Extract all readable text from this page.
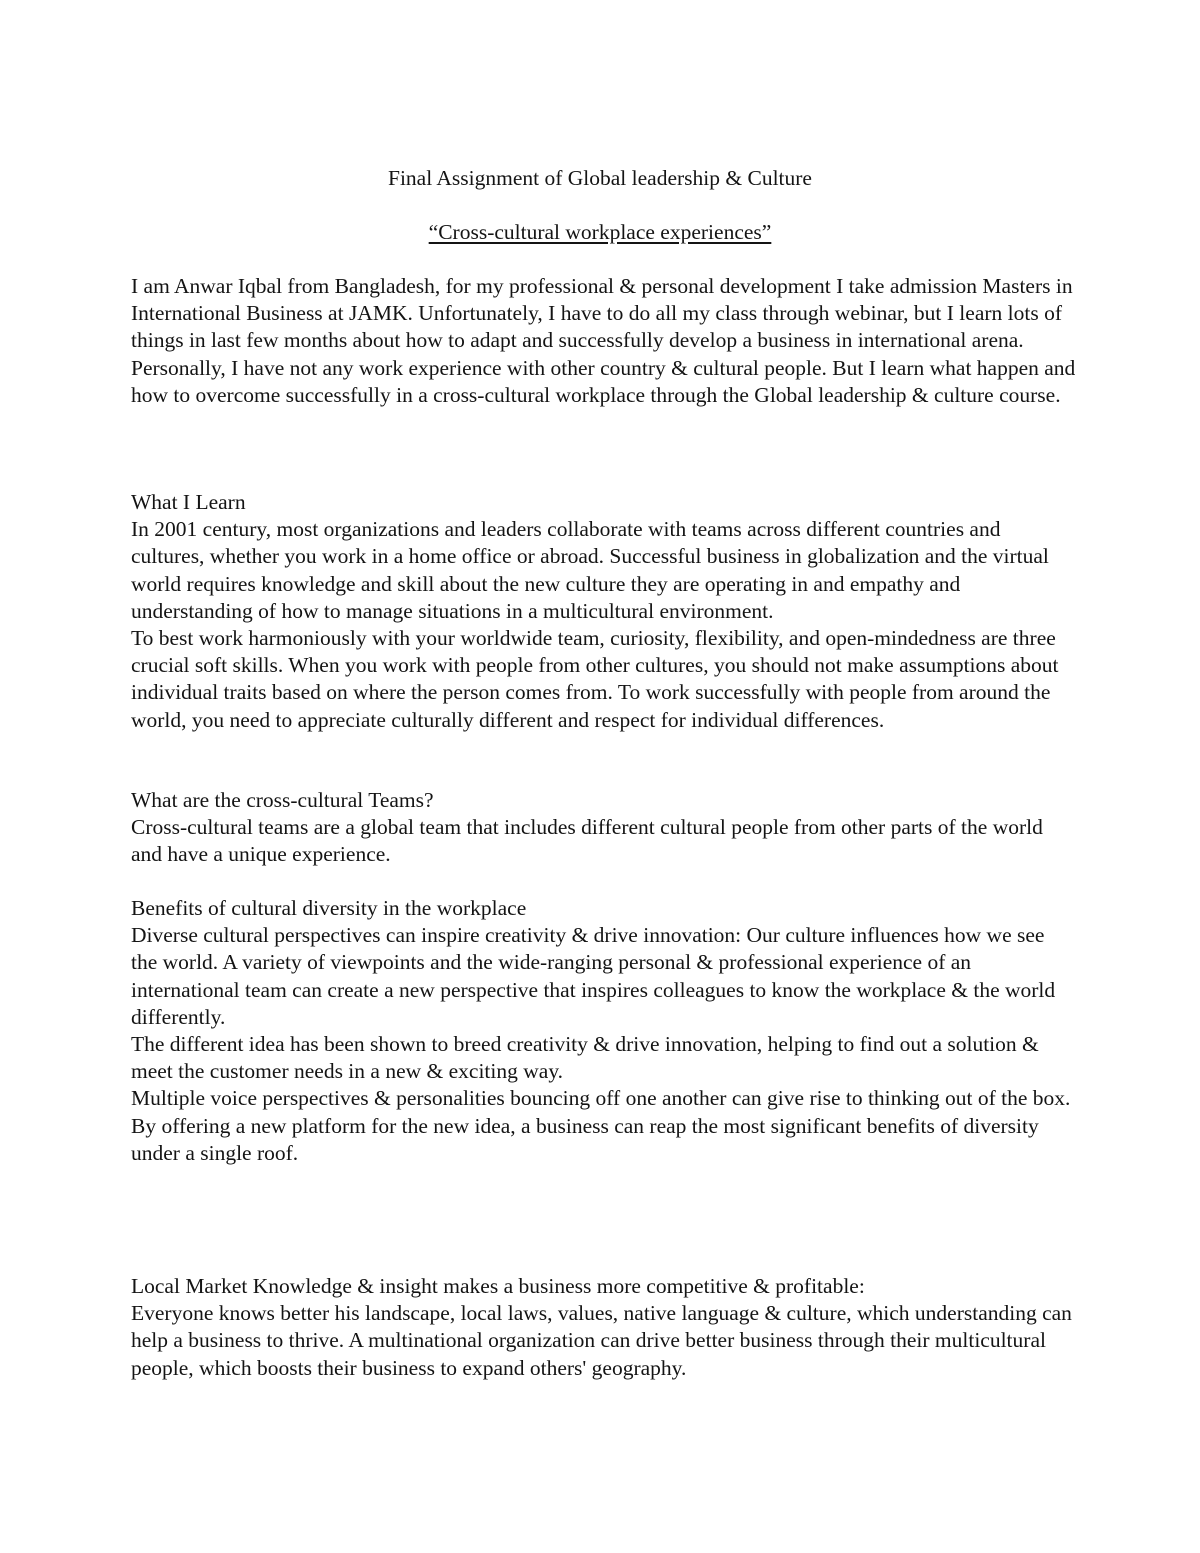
Final Assignment of Global leadership & Culture
“Cross-cultural workplace experiences”

I am Anwar Iqbal from Bangladesh, for my professional & personal development I take admission Masters in International Business at JAMK. Unfortunately, I have to do all my class through webinar, but I learn lots of things in last few months about how to adapt and successfully develop a business in international arena.

Personally, I have not any work experience with other country & cultural people. But I learn what happen and how to overcome successfully in a cross-cultural workplace through the Global leadership & culture course.

What I Learn

In 2001 century, most organizations and leaders collaborate with teams across different countries and cultures, whether you work in a home office or abroad. Successful business in globalization and the virtual world requires knowledge and skill about the new culture they are operating in and empathy and understanding of how to manage situations in a multicultural environment.

To best work harmoniously with your worldwide team, curiosity, flexibility, and open-mindedness are three crucial soft skills. When you work with people from other cultures, you should not make assumptions about individual traits based on where the person comes from. To work successfully with people from around the world, you need to appreciate culturally different and respect for individual differences.

What are the cross-cultural Teams?

Cross-cultural teams are a global team that includes different cultural people from other parts of the world and have a unique experience.

Benefits of cultural diversity in the workplace

Diverse cultural perspectives can inspire creativity & drive innovation: Our culture influences how we see the world. A variety of viewpoints and the wide-ranging personal & professional experience of an international team can create a new perspective that inspires colleagues to know the workplace & the world differently.

The different idea has been shown to breed creativity & drive innovation, helping to find out a solution & meet the customer needs in a new & exciting way.

Multiple voice perspectives & personalities bouncing off one another can give rise to thinking out of the box. By offering a new platform for the new idea, a business can reap the most significant benefits of diversity under a single roof.

Local Market Knowledge & insight makes a business more competitive & profitable:

Everyone knows better his landscape, local laws, values, native language & culture, which understanding can help a business to thrive. A multinational organization can drive better business through their multicultural people, which boosts their business to expand others' geography.
